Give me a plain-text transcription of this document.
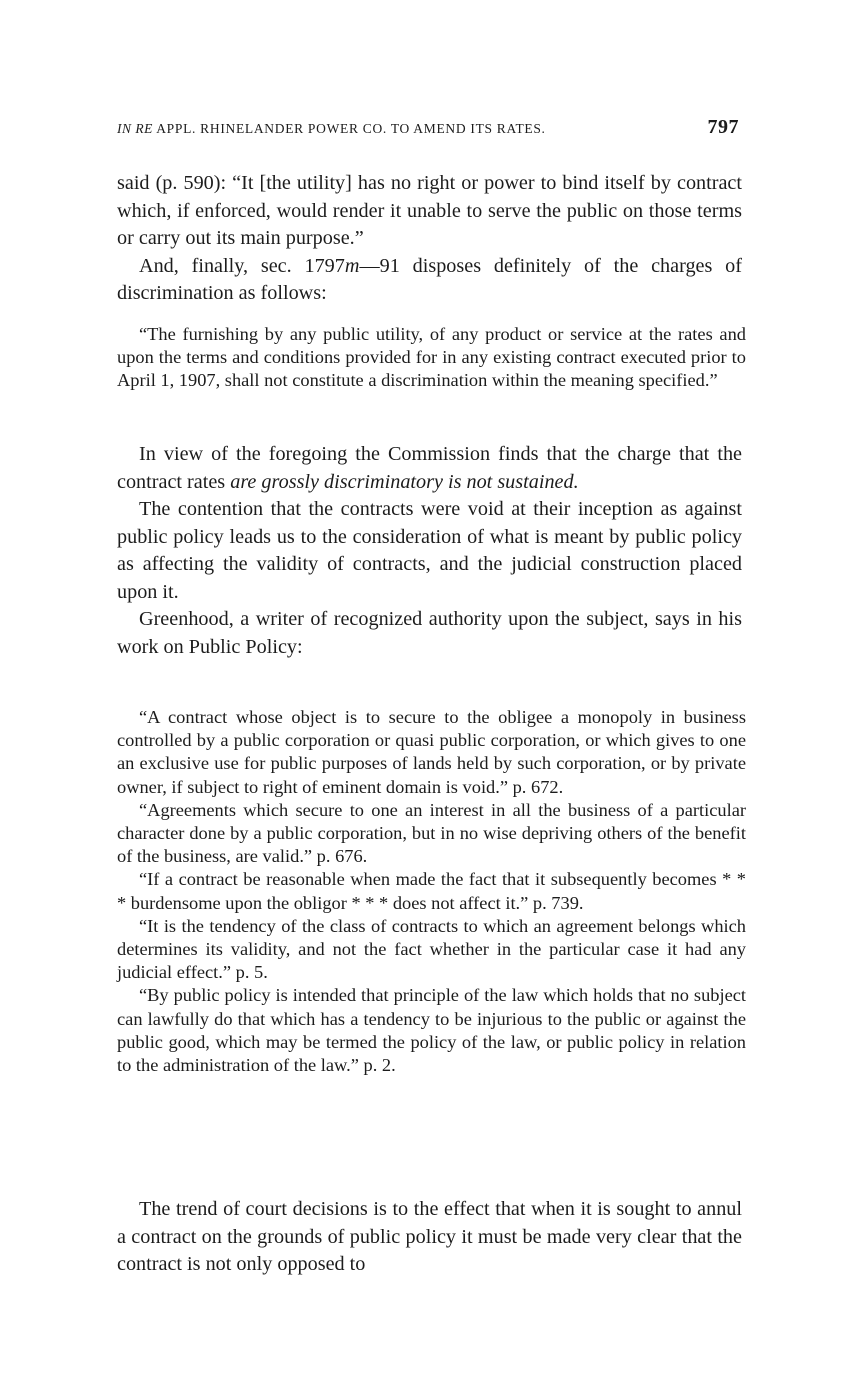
IN RE APPL. RHINELANDER POWER CO. TO AMEND ITS RATES.	797

said (p. 590): “It [the utility] has no right or power to bind itself by contract which, if enforced, would render it unable to serve the public on those terms or carry out its main purpose.”

And, finally, sec. 1797m—91 disposes definitely of the charges of discrimination as follows:

“The furnishing by any public utility, of any product or service at the rates and upon the terms and conditions provided for in any existing contract executed prior to April 1, 1907, shall not constitute a discrimination within the meaning specified.”

In view of the foregoing the Commission finds that the charge that the contract rates are grossly discriminatory is not sustained.

The contention that the contracts were void at their inception as against public policy leads us to the consideration of what is meant by public policy as affecting the validity of contracts, and the judicial construction placed upon it.

Greenhood, a writer of recognized authority upon the subject, says in his work on Public Policy:

“A contract whose object is to secure to the obligee a monopoly in business controlled by a public corporation or quasi public corporation, or which gives to one an exclusive use for public purposes of lands held by such corporation, or by private owner, if subject to right of eminent domain is void.” p. 672.

“Agreements which secure to one an interest in all the business of a particular character done by a public corporation, but in no wise depriving others of the benefit of the business, are valid.” p. 676.

“If a contract be reasonable when made the fact that it subsequently becomes * * * burdensome upon the obligor * * * does not affect it.” p. 739.

“It is the tendency of the class of contracts to which an agreement belongs which determines its validity, and not the fact whether in the particular case it had any judicial effect.” p. 5.

“By public policy is intended that principle of the law which holds that no subject can lawfully do that which has a tendency to be injurious to the public or against the public good, which may be termed the policy of the law, or public policy in relation to the administration of the law.” p. 2.

The trend of court decisions is to the effect that when it is sought to annul a contract on the grounds of public policy it must be made very clear that the contract is not only opposed to
